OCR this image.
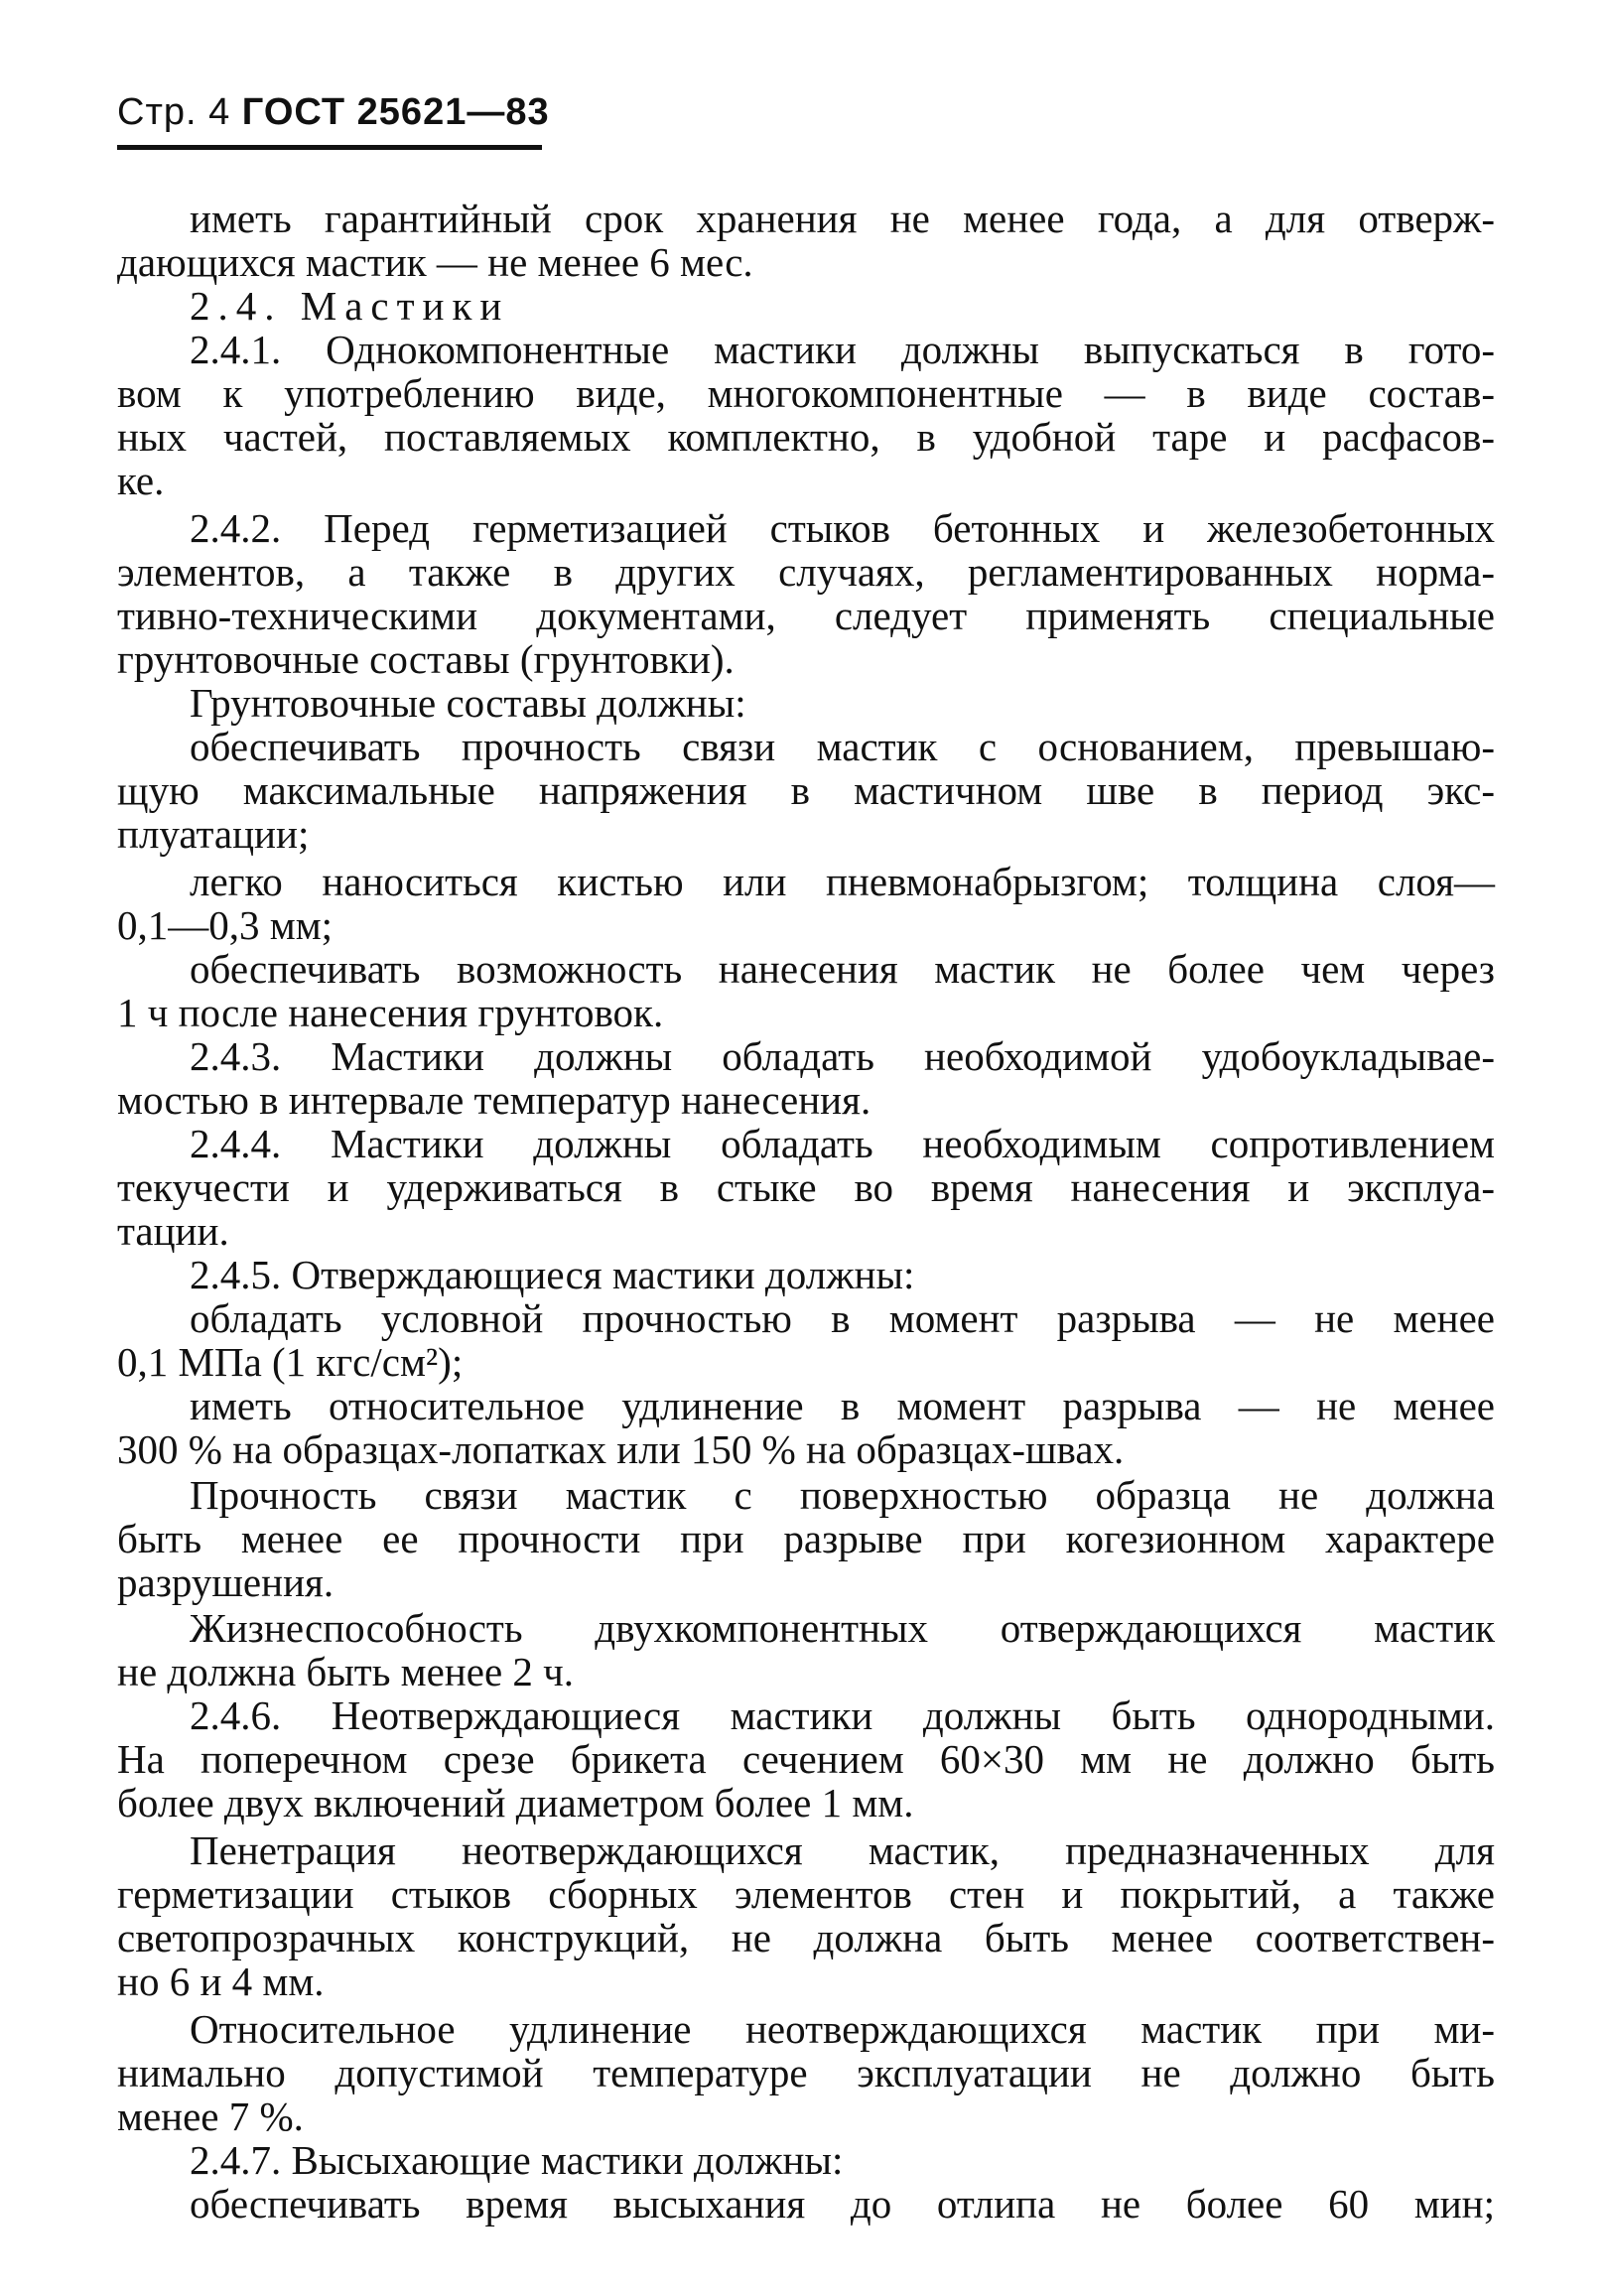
Стр. 4 ГОСТ 25621—83
иметь гарантийный срок хранения не менее года, а для отверж-
дающихся мастик — не менее 6 мес.
2.4. Мастики
2.4.1. Однокомпонентные мастики должны выпускаться в гото-
вом к употреблению виде, многокомпонентные — в виде состав-
ных частей, поставляемых комплектно, в удобной таре и расфасов-
ке.
2.4.2. Перед герметизацией стыков бетонных и железобетонных
элементов, а также в других случаях, регламентированных норма-
тивно-техническими документами, следует применять специальные
грунтовочные составы (грунтовки).
Грунтовочные составы должны:
обеспечивать прочность связи мастик с основанием, превышаю-
щую максимальные напряжения в мастичном шве в период экс-
плуатации;
легко наноситься кистью или пневмонабрызгом; толщина слоя—
0,1—0,3 мм;
обеспечивать возможность нанесения мастик не более чем через
1 ч после нанесения грунтовок.
2.4.3. Мастики должны обладать необходимой удобоукладывае-
мостью в интервале температур нанесения.
2.4.4. Мастики должны обладать необходимым сопротивлением
текучести и удерживаться в стыке во время нанесения и эксплуа-
тации.
2.4.5. Отверждающиеся мастики должны:
обладать условной прочностью в момент разрыва — не менее
0,1 МПа (1 кгс/см²);
иметь относительное удлинение в момент разрыва — не менее
300 % на образцах-лопатках или 150 % на образцах-швах.
Прочность связи мастик с поверхностью образца не должна
быть менее ее прочности при разрыве при когезионном характере
разрушения.
Жизнеспособность двухкомпонентных отверждающихся мастик
не должна быть менее 2 ч.
2.4.6. Неотверждающиеся мастики должны быть однородными.
На поперечном срезе брикета сечением 60×30 мм не должно быть
более двух включений диаметром более 1 мм.
Пенетрация неотверждающихся мастик, предназначенных для
герметизации стыков сборных элементов стен и покрытий, а также
светопрозрачных конструкций, не должна быть менее соответствен-
но 6 и 4 мм.
Относительное удлинение неотверждающихся мастик при ми-
нимально допустимой температуре эксплуатации не должно быть
менее 7 %.
2.4.7. Высыхающие мастики должны:
обеспечивать время высыхания до отлипа не более 60 мин;
